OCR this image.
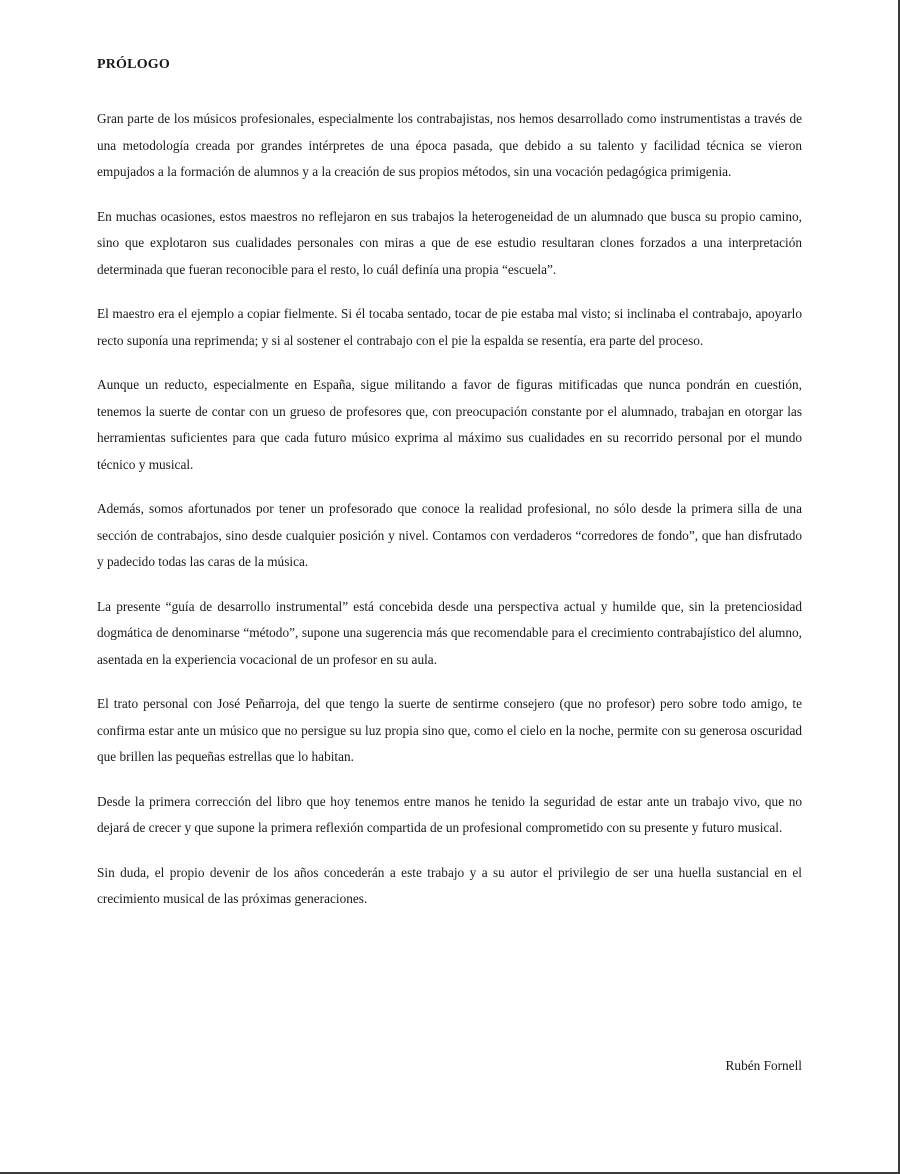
PRÓLOGO

Gran parte de los músicos profesionales, especialmente los contrabajistas, nos hemos desarrollado como instrumentistas a través de una metodología creada por grandes intérpretes de una época pasada, que debido a su talento y facilidad técnica se vieron empujados a la formación de alumnos y a la creación de sus propios métodos, sin una vocación pedagógica primigenia.

En muchas ocasiones, estos maestros no reflejaron en sus trabajos la heterogeneidad de un alumnado que busca su propio camino, sino que explotaron sus cualidades personales con miras a que de ese estudio resultaran clones forzados a una interpretación determinada que fueran reconocible para el resto, lo cuál definía una propia “escuela”.

El maestro era el ejemplo a copiar fielmente. Si él tocaba sentado, tocar de pie estaba mal visto; si inclinaba el contrabajo, apoyarlo recto suponía una reprimenda; y si al sostener el contrabajo con el pie la espalda se resentía, era parte del proceso.

Aunque un reducto, especialmente en España, sigue militando a favor de figuras mitificadas que nunca pondrán en cuestión, tenemos la suerte de contar con un grueso de profesores que, con preocupación constante por el alumnado, trabajan en otorgar las herramientas suficientes para que cada futuro músico exprima al máximo sus cualidades en su recorrido personal por el mundo técnico y musical.

Además, somos afortunados por tener un profesorado que conoce la realidad profesional, no sólo desde la primera silla de una sección de contrabajos, sino desde cualquier posición y nivel. Contamos con verdaderos “corredores de fondo”, que han disfrutado y padecido todas las caras de la música.

La presente “guía de desarrollo instrumental” está concebida desde una perspectiva actual y humilde que, sin la pretenciosidad dogmática de denominarse “método”, supone una sugerencia más que recomendable para el crecimiento contrabajístico del alumno, asentada en la experiencia vocacional de un profesor en su aula.

El trato personal con José Peñarroja, del que tengo la suerte de sentirme consejero (que no profesor) pero sobre todo amigo, te confirma estar ante un músico que no persigue su luz propia sino que, como el cielo en la noche, permite con su generosa oscuridad que brillen las pequeñas estrellas que lo habitan.

Desde la primera corrección del libro que hoy tenemos entre manos he tenido la seguridad de estar ante un trabajo vivo, que no dejará de crecer y que supone la primera reflexión compartida de un profesional comprometido con su presente y futuro musical.

Sin duda, el propio devenir de los años concederán a este trabajo y a su autor el privilegio de ser una huella sustancial en el crecimiento musical de las próximas generaciones.

Rubén Fornell
